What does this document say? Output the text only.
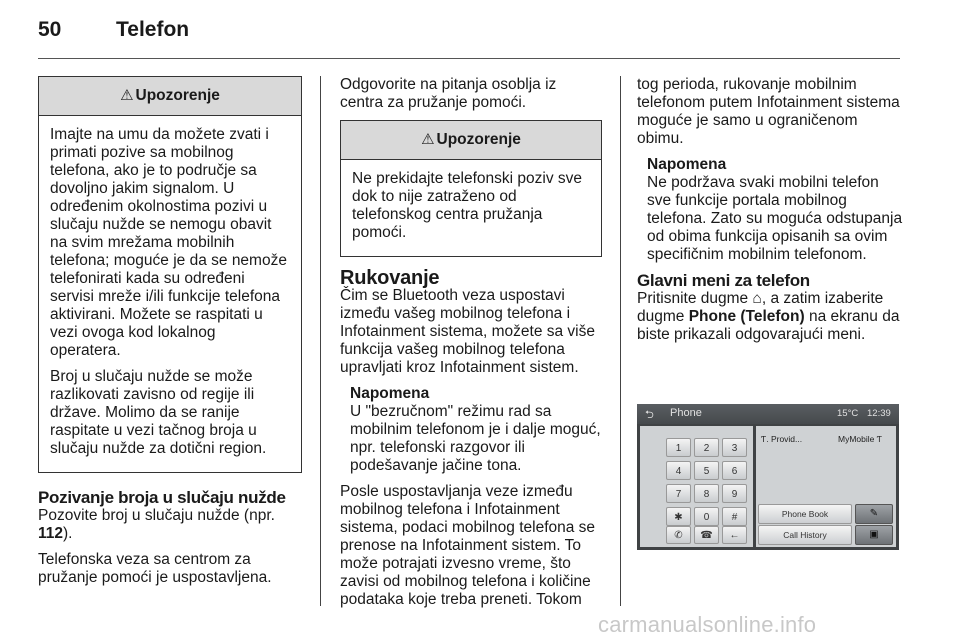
50	Telefon
⚠ Upozorenje

Imajte na umu da možete zvati i primati pozive sa mobilnog telefona, ako je to područje sa dovoljno jakim signalom. U određenim okolnostima pozivi u slučaju nužde se nemogu obavit na svim mrežama mobilnih telefona; moguće je da se nemože telefonirati kada su određeni servisi mreže i/ili funkcije telefona aktivirani. Možete se raspitati u vezi ovoga kod lokalnog operatera.

Broj u slučaju nužde se može razlikovati zavisno od regije ili države. Molimo da se ranije raspitate u vezi tačnog broja u slučaju nužde za dotični region.

Pozivanje broja u slučaju nužde

Pozovite broj u slučaju nužde (npr. 112).

Telefonska veza sa centrom za pružanje pomoći je uspostavljena.

Odgovorite na pitanja osoblja iz centra za pružanje pomoći.

⚠ Upozorenje

Ne prekidajte telefonski poziv sve dok to nije zatraženo od telefonskog centra pružanja pomoći.

Rukovanje

Čim se Bluetooth veza uspostavi između vašeg mobilnog telefona i Infotainment sistema, možete sa više funkcija vašeg mobilnog telefona upravljati kroz Infotainment sistem.

Napomena
U "bezručnom" režimu rad sa mobilnim telefonom je i dalje moguć, npr. telefonski razgovor ili podešavanje jačine tona.

Posle uspostavljanja veze između mobilnog telefona i Infotainment sistema, podaci mobilnog telefona se prenose na Infotainment sistem. To može potrajati izvesno vreme, što zavisi od mobilnog telefona i količine podataka koje treba preneti. Tokom

tog perioda, rukovanje mobilnim telefonom putem Infotainment sistema moguće je samo u ograničenom obimu.

Napomena
Ne podržava svaki mobilni telefon sve funkcije portala mobilnog telefona. Zato su moguća odstupanja od obima funkcija opisanih sa ovim specifičnim mobilnim telefonom.
Glavni meni za telefon

Pritisnite dugme ⌂, a zatim izaberite dugme Phone (Telefon) na ekranu da biste prikazali odgovarajući meni.

⮌ Phone	15°C 12:39
1	2	3
4	5	6
7	8	9
✱	0	#
✆	☎	←
Ƭ. Provid...	MyMobile Ƭ
Phone Book	✎
Call History	▣
carmanualsonline.info
